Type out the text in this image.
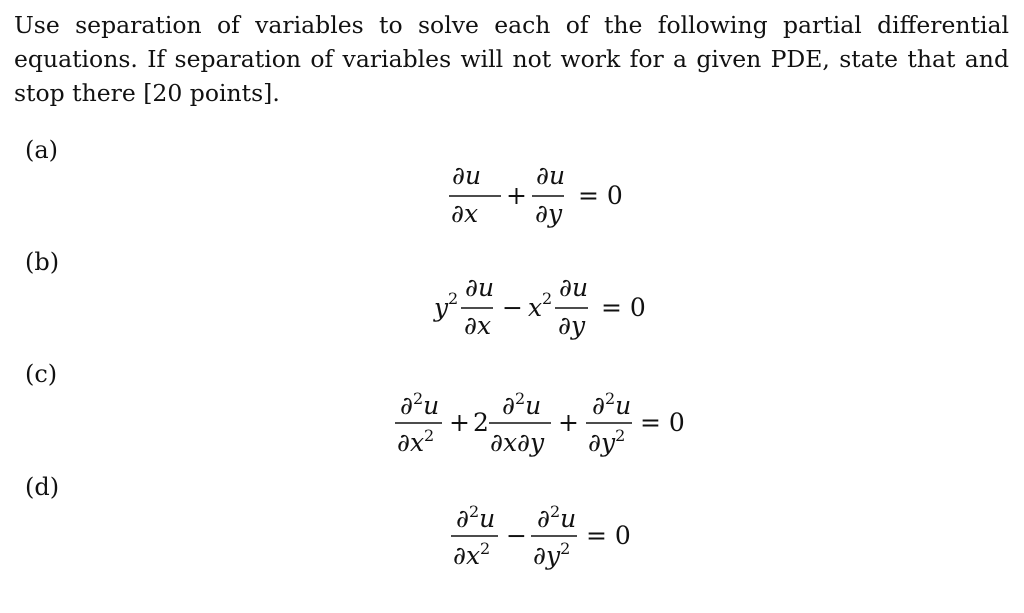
Use separation of variables to solve each of the following partial differential equations. If separation of variables will not work for a given PDE, state that and stop there [20 points].
(a)
∂u
∂x
+
∂u
∂y
= 0
(b)
y 2 ∂u
∂x
− x 2 ∂u
∂y
= 0
(c)
∂$^2$u
$\partial x^2 + 2$
∂$^2$u
∂x∂y
+
∂$^2$u
$\partial y^2 = 0$
(d)
∂$^2$u
$\partial x^2$ −
∂$^2$u
$\partial y^2 = 0$
